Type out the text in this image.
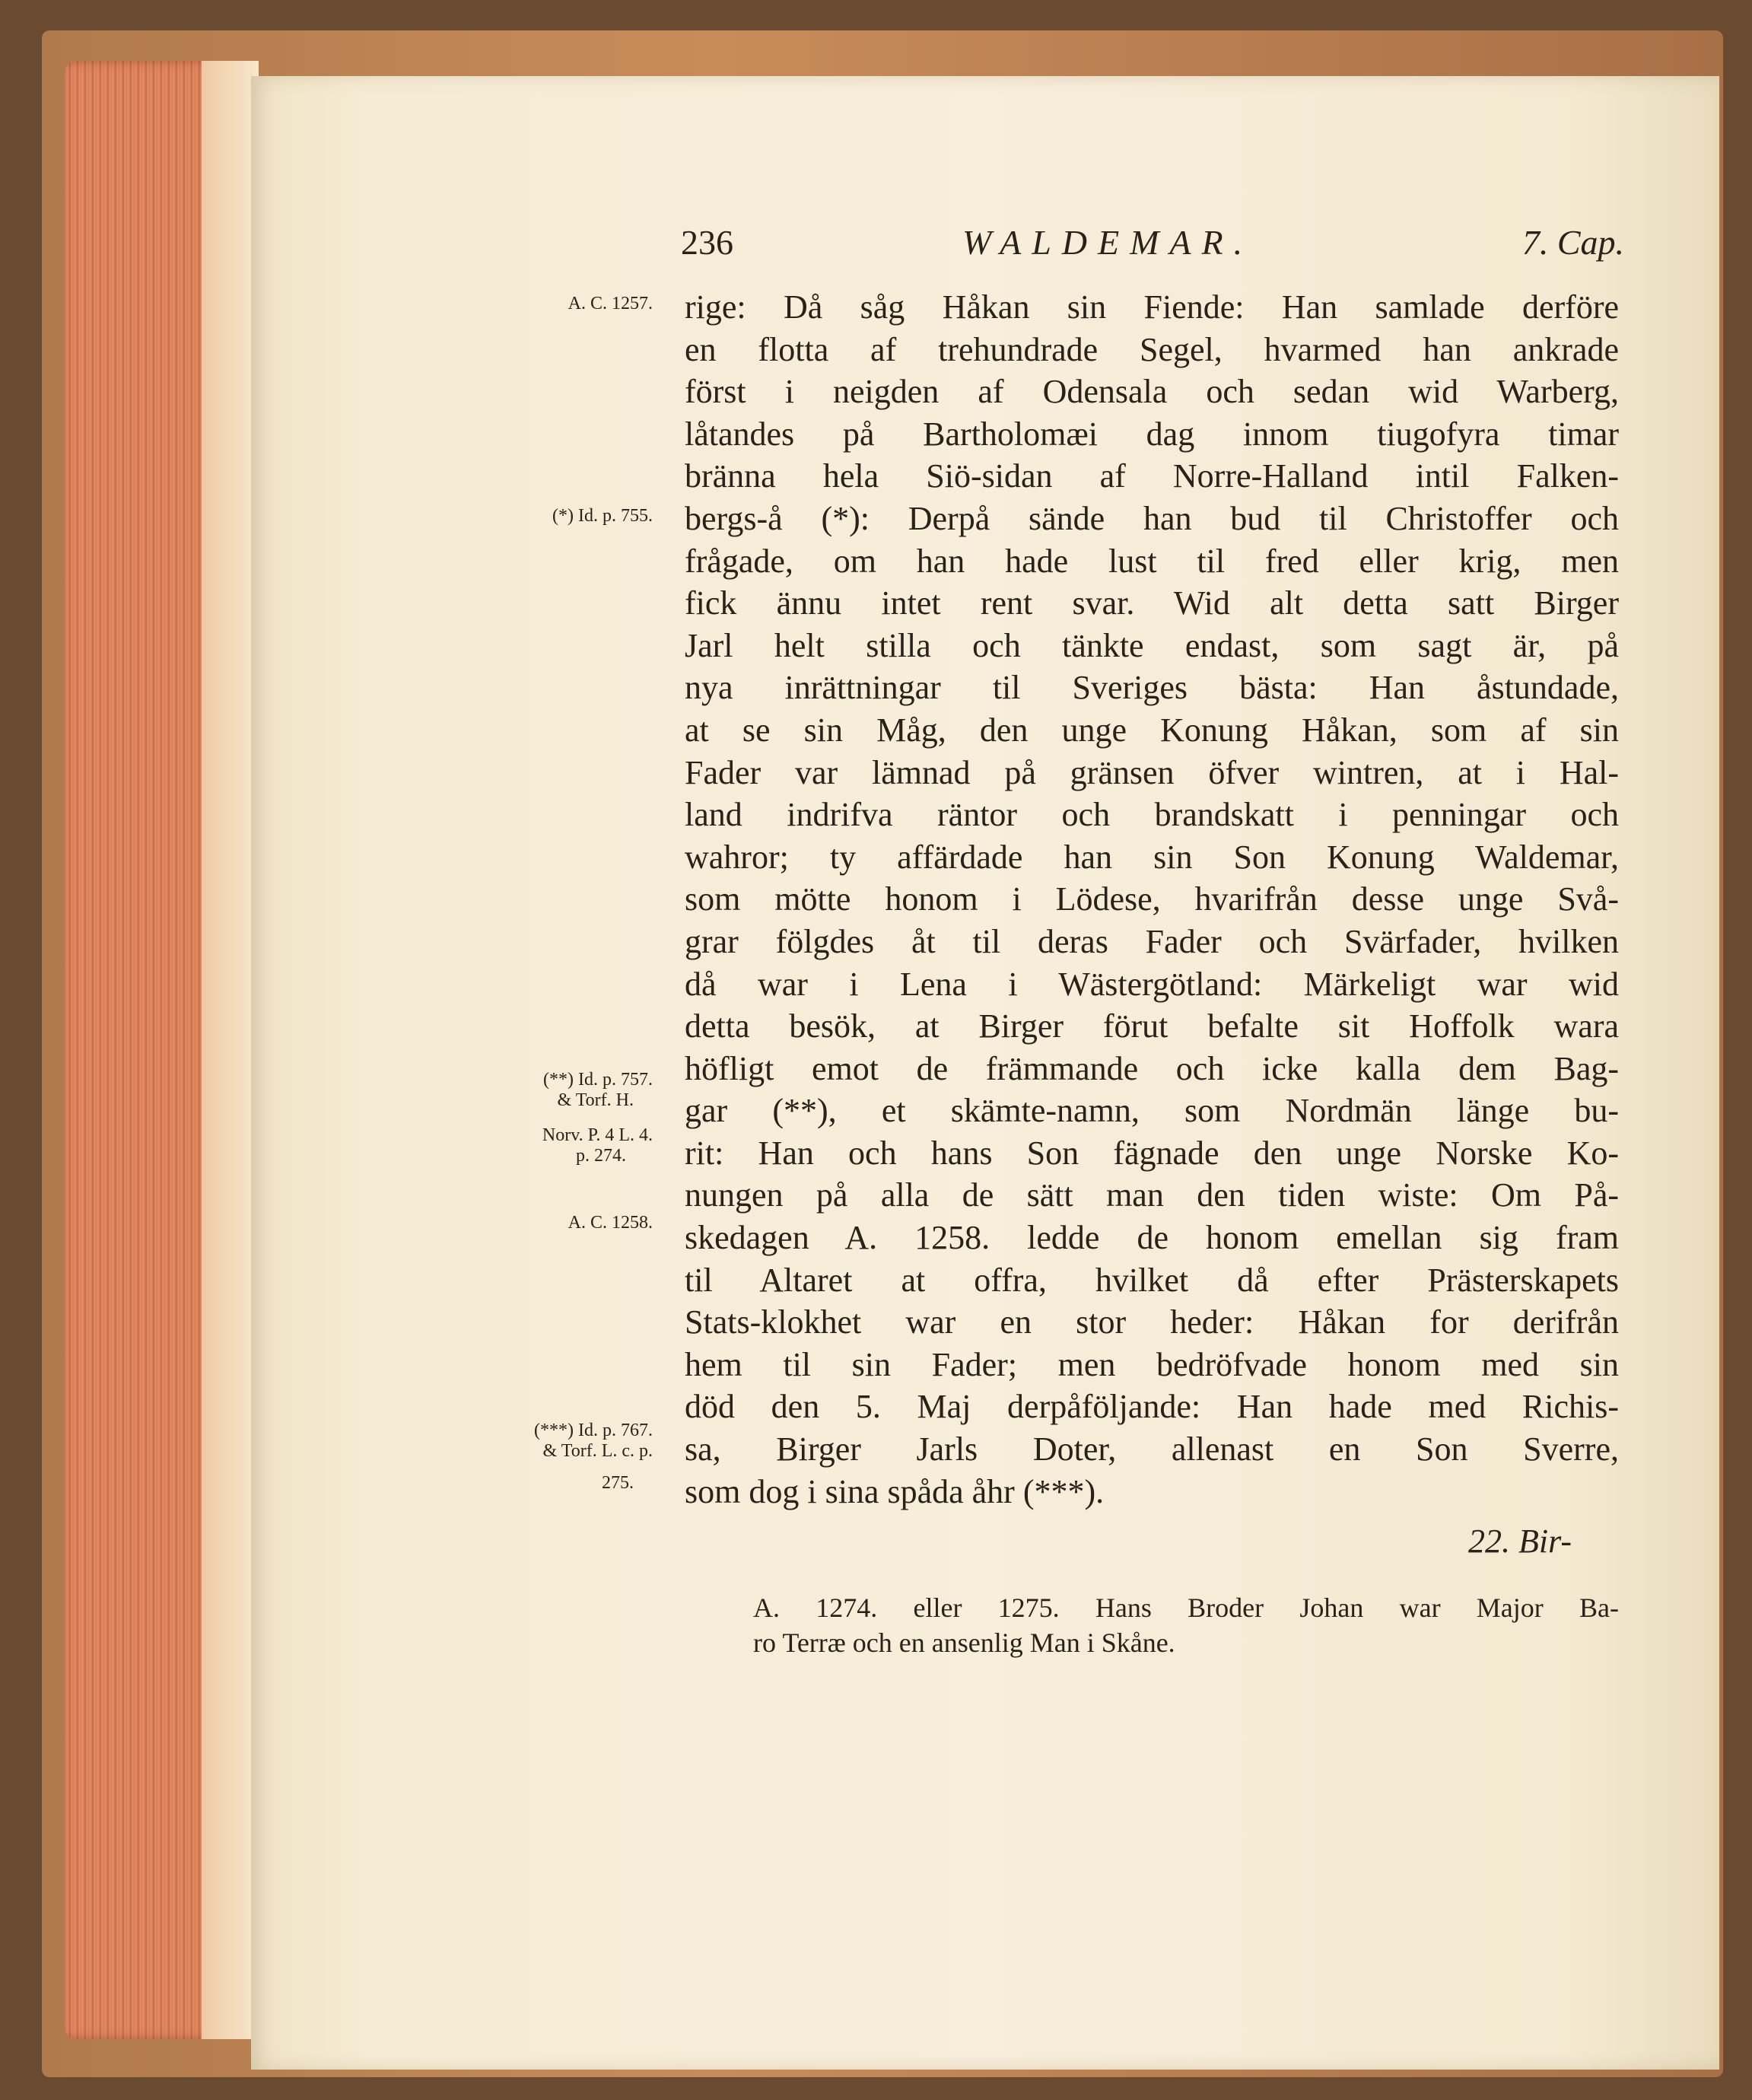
236	WALDEMAR.	7. Cap.
rige: Då såg Håkan sin Fiende: Han samlade derföre
en flotta af trehundrade Segel, hvarmed han ankrade
först i neigden af Odensala och sedan wid Warberg,
låtandes på Bartholomæi dag innom tiugofyra timar
bränna hela Siö-sidan af Norre-Halland intil Falken-
bergs-å (*): Derpå sände han bud til Christoffer och
frågade, om han hade lust til fred eller krig, men
fick ännu intet rent svar. Wid alt detta satt Birger
Jarl helt stilla och tänkte endast, som sagt är, på
nya inrättningar til Sveriges bästa: Han åstundade,
at se sin Måg, den unge Konung Håkan, som af sin
Fader var lämnad på gränsen öfver wintren, at i Hal-
land indrifva räntor och brandskatt i penningar och
wahror; ty affärdade han sin Son Konung Waldemar,
som mötte honom i Lödese, hvarifrån desse unge Svå-
grar fölgdes åt til deras Fader och Svärfader, hvilken
då war i Lena i Wästergötland: Märkeligt war wid
detta besök, at Birger förut befalte sit Hoffolk wara
höfligt emot de främmande och icke kalla dem Bag-
gar (**), et skämte-namn, som Nordmän länge bu-
rit: Han och hans Son fägnade den unge Norske Ko-
nungen på alla de sätt man den tiden wiste: Om På-
skedagen A. 1258. ledde de honom emellan sig fram
til Altaret at offra, hvilket då efter Prästerskapets
Stats-klokhet war en stor heder: Håkan for derifrån
hem til sin Fader; men bedröfvade honom med sin
död den 5. Maj derpåföljande: Han hade med Richis-
sa, Birger Jarls Doter, allenast en Son Sverre,
som dog i sina spåda åhr (***).
A. C. 1257.
(*) Id. p. 755.
(**) Id. p. 757.
& Torf. H.
Norv. P. 4 L. 4.
p. 274.
A. C. 1258.
(***) Id. p. 767.
& Torf. L. c. p.
275.
22. Bir-
A. 1274. eller 1275. Hans Broder Johan war Major Ba-
ro Terræ och en ansenlig Man i Skåne.
